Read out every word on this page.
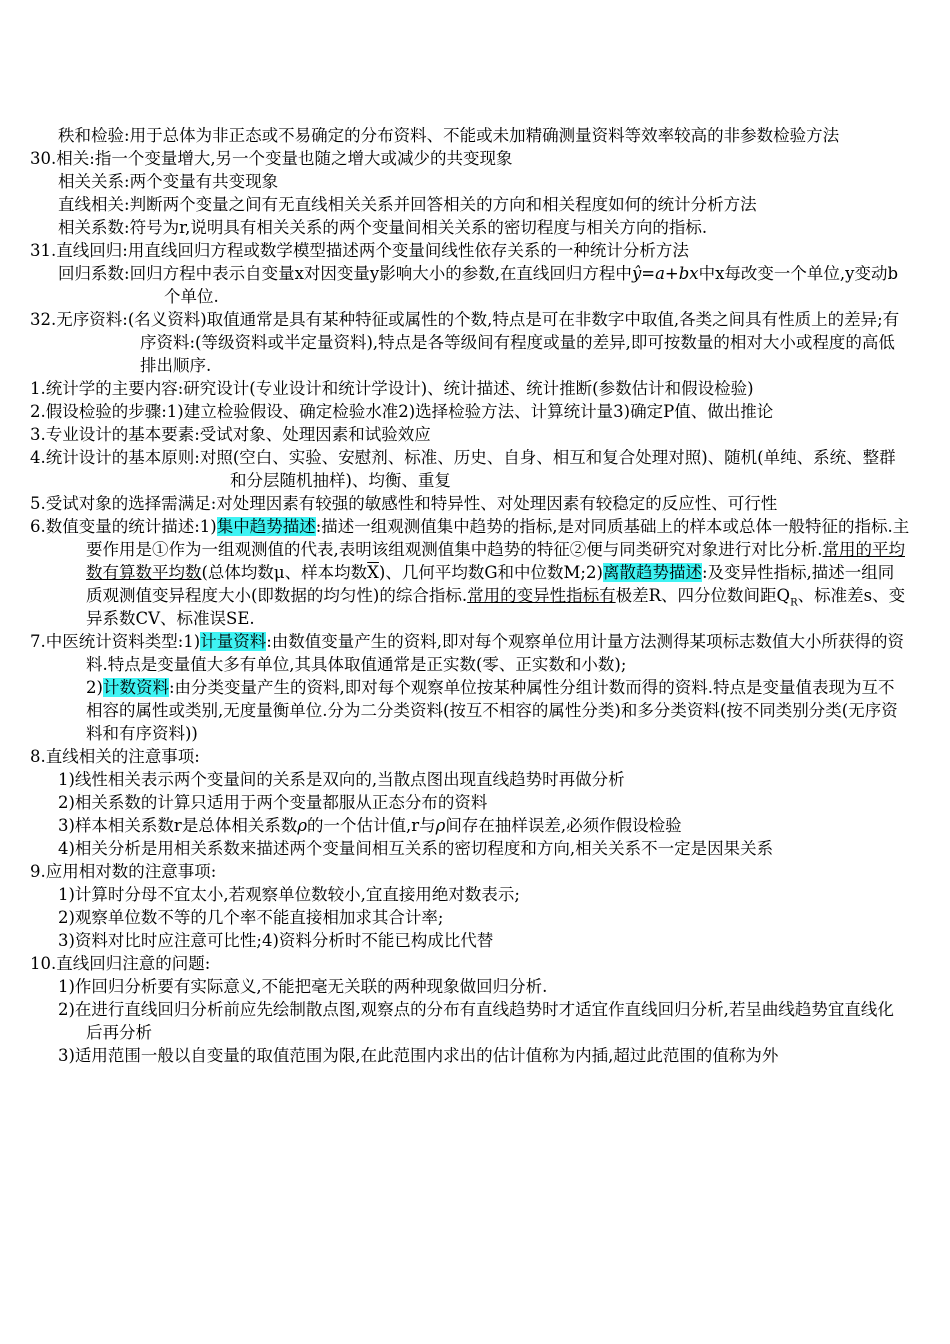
秩和检验:用于总体为非正态或不易确定的分布资料、不能或未加精确测量资料等效率较高的非参数检验方法
30.相关:指一个变量增大,另一个变量也随之增大或减少的共变现象
相关关系:两个变量有共变现象
直线相关:判断两个变量之间有无直线相关关系并回答相关的方向和相关程度如何的统计分析方法
相关系数:符号为r,说明具有相关关系的两个变量间相关关系的密切程度与相关方向的指标.
31.直线回归:用直线回归方程或数学模型描述两个变量间线性依存关系的一种统计分析方法
回归系数:回归方程中表示自变量x对因变量y影响大小的参数,在直线回归方程中ŷ=a+bx中x每改变一个单位,y变动b个单位.
32.无序资料:(名义资料)取值通常是具有某种特征或属性的个数,特点是可在非数字中取值,各类之间具有性质上的差异;有序资料:(等级资料或半定量资料),特点是各等级间有程度或量的差异,即可按数量的相对大小或程度的高低排出顺序.
1.统计学的主要内容:研究设计(专业设计和统计学设计)、统计描述、统计推断(参数估计和假设检验)
2.假设检验的步骤:1)建立检验假设、确定检验水准2)选择检验方法、计算统计量3)确定P值、做出推论
3.专业设计的基本要素:受试对象、处理因素和试验效应
4.统计设计的基本原则:对照(空白、实验、安慰剂、标准、历史、自身、相互和复合处理对照)、随机(单纯、系统、整群和分层随机抽样)、均衡、重复
5.受试对象的选择需满足:对处理因素有较强的敏感性和特异性、对处理因素有较稳定的反应性、可行性
6.数值变量的统计描述:1)集中趋势描述:描述一组观测值集中趋势的指标,是对同质基础上的样本或总体一般特征的指标.主要作用是①作为一组观测值的代表,表明该组观测值集中趋势的特征②便与同类研究对象进行对比分析.常用的平均数有算数平均数(总体均数μ、样本均数$\overline{X}$)、几何平均数G和中位数M;2)离散趋势描述:及变异性指标,描述一组同质观测值变异程度大小(即数据的均匀性)的综合指标.常用的变异性指标有极差R、四分位数间距$Q_R$、标准差s、变异系数CV、标准误SE.
7.中医统计资料类型:1)计量资料:由数值变量产生的资料,即对每个观察单位用计量方法测得某项标志数值大小所获得的资料.特点是变量值大多有单位,其具体取值通常是正实数(零、正实数和小数);
2)计数资料:由分类变量产生的资料,即对每个观察单位按某种属性分组计数而得的资料.特点是变量值表现为互不相容的属性或类别,无度量衡单位.分为二分类资料(按互不相容的属性分类)和多分类资料(按不同类别分类(无序资料和有序资料))
8.直线相关的注意事项:
1)线性相关表示两个变量间的关系是双向的,当散点图出现直线趋势时再做分析
2)相关系数的计算只适用于两个变量都服从正态分布的资料
3)样本相关系数r是总体相关系数ρ的一个估计值,r与ρ间存在抽样误差,必须作假设检验
4)相关分析是用相关系数来描述两个变量间相互关系的密切程度和方向,相关关系不一定是因果关系
9.应用相对数的注意事项:
1)计算时分母不宜太小,若观察单位数较小,宜直接用绝对数表示;
2)观察单位数不等的几个率不能直接相加求其合计率;
3)资料对比时应注意可比性;4)资料分析时不能已构成比代替
10.直线回归注意的问题:
1)作回归分析要有实际意义,不能把毫无关联的两种现象做回归分析.
2)在进行直线回归分析前应先绘制散点图,观察点的分布有直线趋势时才适宜作直线回归分析,若呈曲线趋势宜直线化后再分析
3)适用范围一般以自变量的取值范围为限,在此范围内求出的估计值称为内插,超过此范围的值称为外
